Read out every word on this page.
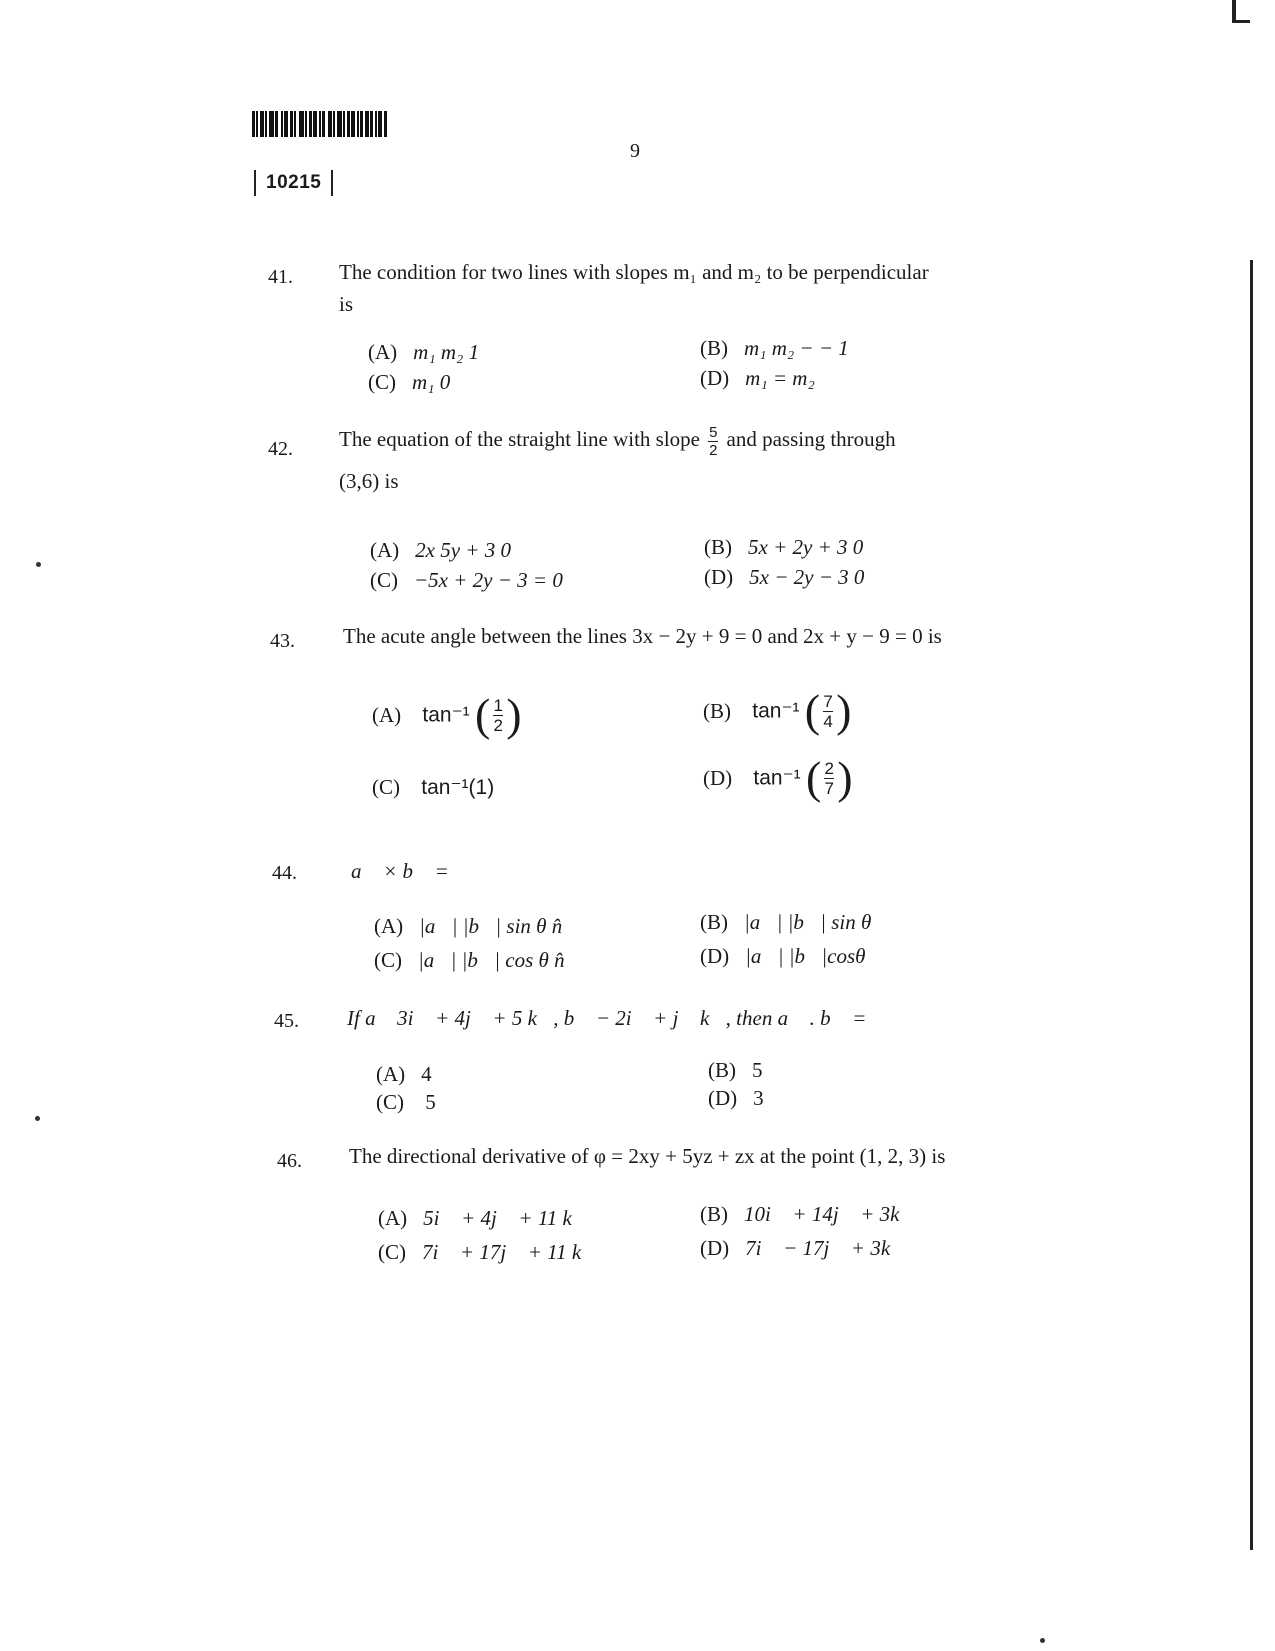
9
10215
41. The condition for two lines with slopes m₁ and m₂ to be perpendicular
is
(A) m₁ m₂ 1	(B) m₁ m₂ − − 1
(C) m₁ 0	(D) m₁ = m₂
42. The equation of the straight line with slope $\frac{5}{2}$ and passing through
(3,6) is
(A) 2x 5y + 3 0	(B) 5x + 2y + 3 0
(C) −5x + 2y − 3 = 0	(D) 5x − 2y − 3 0
43. The acute angle between the lines 3x − 2y + 9 = 0 and 2x + y − 9 = 0 is
(A) tan⁻¹ ( $\frac{1}{2}$ )	(B) tan⁻¹ ( $\frac{7}{4}$ )
(C) tan⁻¹(1)	(D) tan⁻¹ ( $\frac{2}{7}$ )
44.	a⃗ × b⃗ =
(A) |a⃗| |b⃗| sin θ n̂	(B) |a⃗| |b⃗| sin θ
(C) |a⃗| |b⃗| cos θ n̂	(D) |a⃗| |b⃗|cosθ
45. If a⃗ 3i⃗ + 4j⃗ + 5 k⃗, b⃗ − 2i⃗ + j⃗ k⃗, then a⃗ . b⃗ =
(A) 4	(B) 5
(C) 5	(D) 3
46. The directional derivative of φ = 2xy + 5yz + zx at the point (1, 2, 3) is
(A) 5i⃗ + 4j⃗ + 11 k⃗	(B) 10i⃗ + 14j⃗ + 3k⃗
(C) 7i⃗ + 17j⃗ + 11 k⃗	(D) 7i⃗ − 17j⃗ + 3k⃗
